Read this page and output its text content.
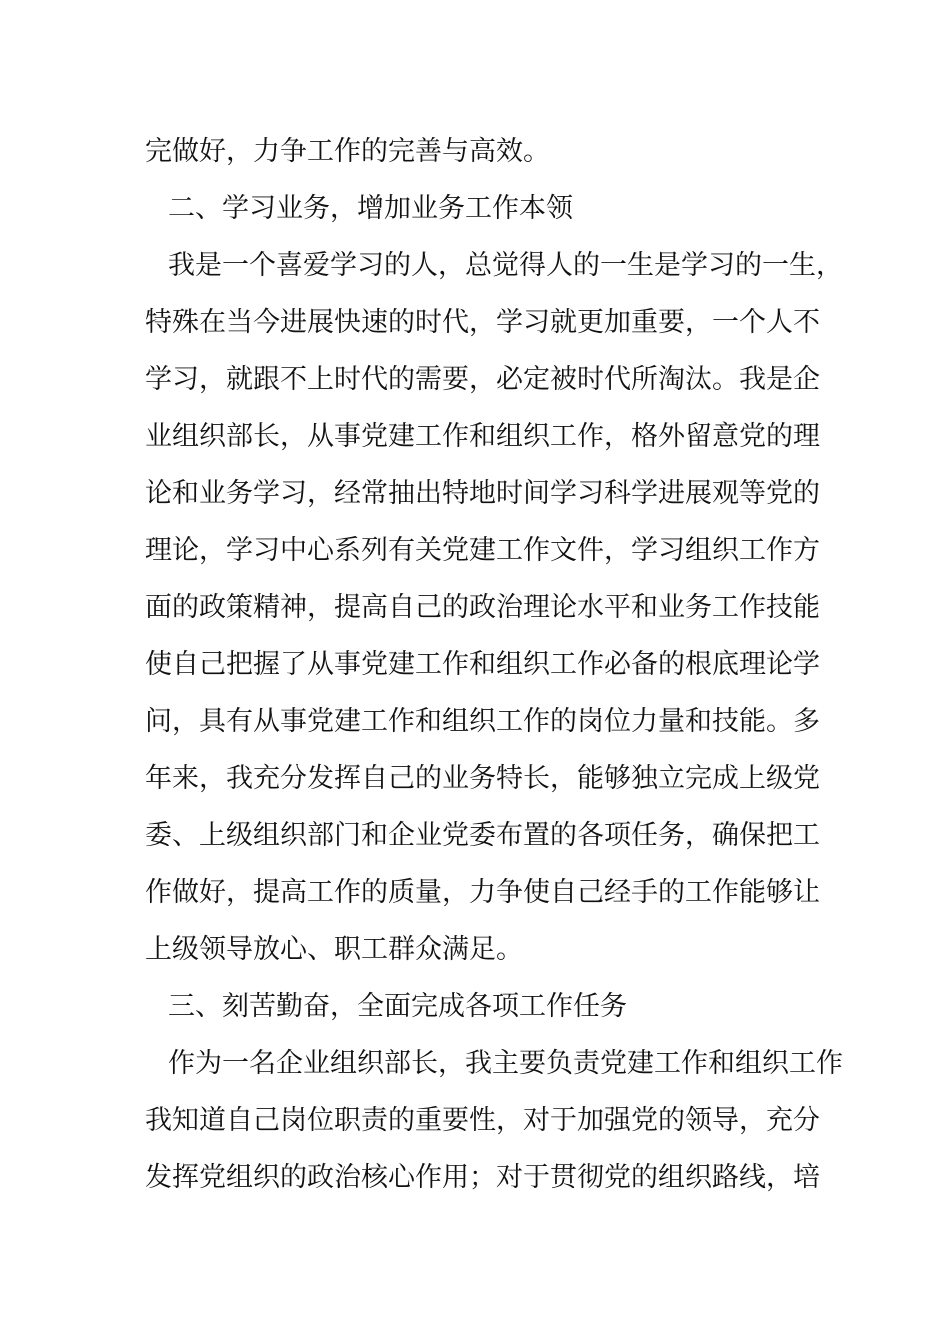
完做好，力争工作的完善与高效。
二、学习业务，增加业务工作本领
我是一个喜爱学习的人，总觉得人的一生是学习的一生，
特殊在当今进展快速的时代，学习就更加重要，一个人不
学习，就跟不上时代的需要，必定被时代所淘汰。我是企
业组织部长，从事党建工作和组织工作，格外留意党的理
论和业务学习，经常抽出特地时间学习科学进展观等党的
理论，学习中心系列有关党建工作文件，学习组织工作方
面的政策精神，提高自己的政治理论水平和业务工作技能
使自己把握了从事党建工作和组织工作必备的根底理论学
问，具有从事党建工作和组织工作的岗位力量和技能。多
年来，我充分发挥自己的业务特长，能够独立完成上级党
委、上级组织部门和企业党委布置的各项任务，确保把工
作做好，提高工作的质量，力争使自己经手的工作能够让
上级领导放心、职工群众满足。
三、刻苦勤奋，全面完成各项工作任务
作为一名企业组织部长，我主要负责党建工作和组织工作
我知道自己岗位职责的重要性，对于加强党的领导，充分
发挥党组织的政治核心作用；对于贯彻党的组织路线，培
